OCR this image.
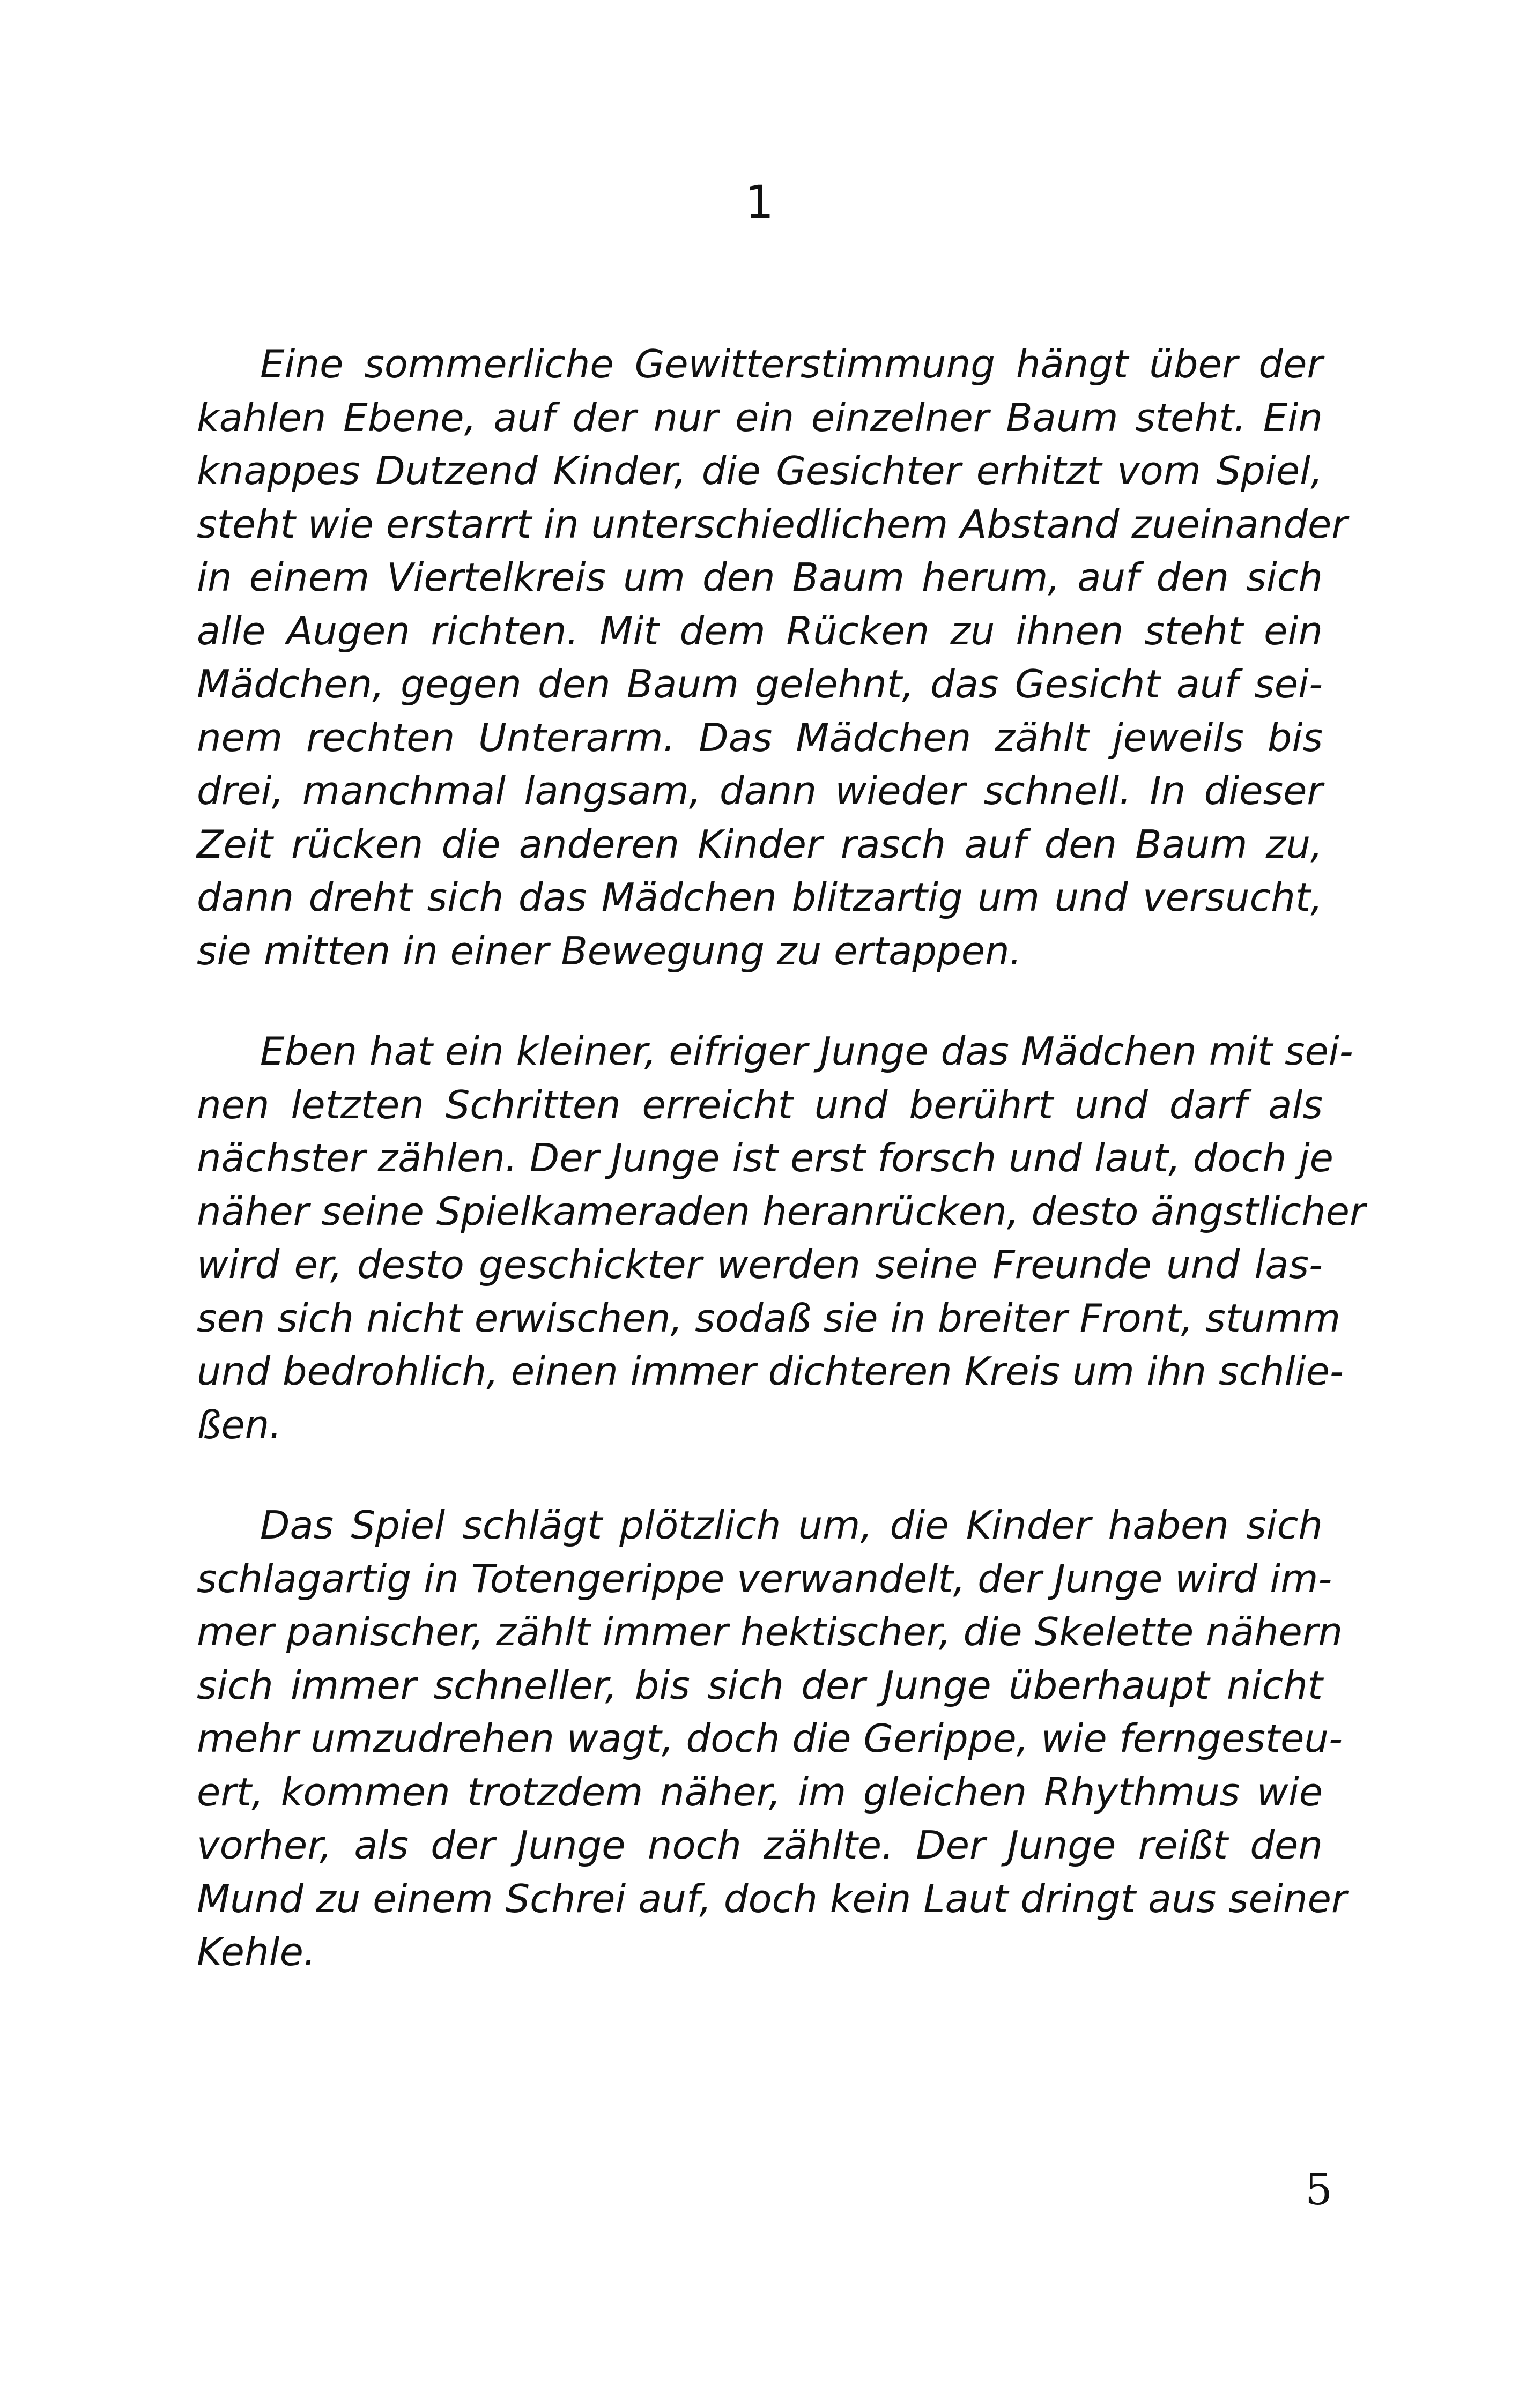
1
Eine sommerliche Gewitterstimmung hängt über der
kahlen Ebene, auf der nur ein einzelner Baum steht. Ein
knappes Dutzend Kinder, die Gesichter erhitzt vom Spiel,
steht wie erstarrt in unterschiedlichem Abstand zueinander
in einem Viertelkreis um den Baum herum, auf den sich
alle Augen richten. Mit dem Rücken zu ihnen steht ein
Mädchen, gegen den Baum gelehnt, das Gesicht auf sei-
nem rechten Unterarm. Das Mädchen zählt jeweils bis
drei, manchmal langsam, dann wieder schnell. In dieser
Zeit rücken die anderen Kinder rasch auf den Baum zu,
dann dreht sich das Mädchen blitzartig um und versucht,
sie mitten in einer Bewegung zu ertappen.
Eben hat ein kleiner, eifriger Junge das Mädchen mit sei-
nen letzten Schritten erreicht und berührt und darf als
nächster zählen. Der Junge ist erst forsch und laut, doch je
näher seine Spielkameraden heranrücken, desto ängstlicher
wird er, desto geschickter werden seine Freunde und las-
sen sich nicht erwischen, sodaß sie in breiter Front, stumm
und bedrohlich, einen immer dichteren Kreis um ihn schlie-
ßen.
Das Spiel schlägt plötzlich um, die Kinder haben sich
schlagartig in Totengerippe verwandelt, der Junge wird im-
mer panischer, zählt immer hektischer, die Skelette nähern
sich immer schneller, bis sich der Junge überhaupt nicht
mehr umzudrehen wagt, doch die Gerippe, wie ferngesteu-
ert, kommen trotzdem näher, im gleichen Rhythmus wie
vorher, als der Junge noch zählte. Der Junge reißt den
Mund zu einem Schrei auf, doch kein Laut dringt aus seiner
Kehle.
5
